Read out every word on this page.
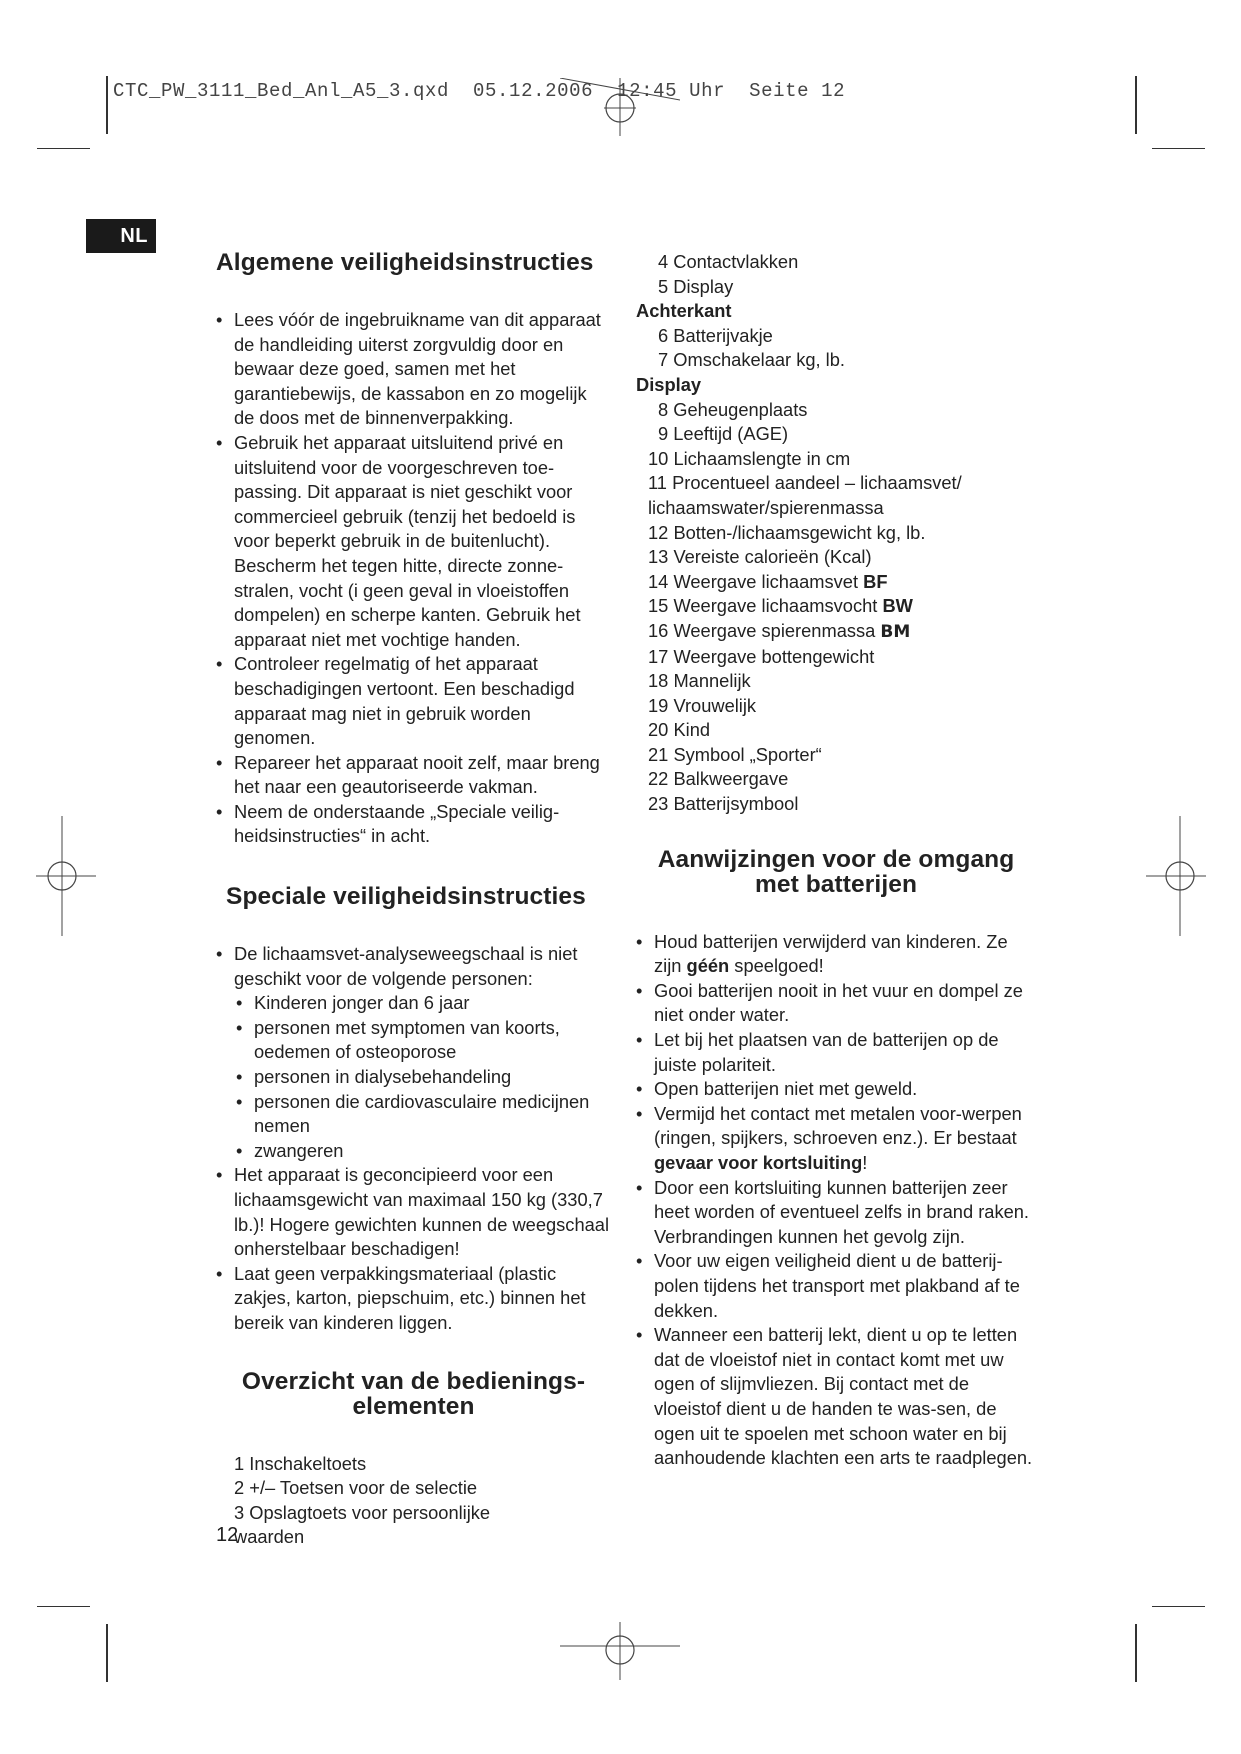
CTC_PW_3111_Bed_Anl_A5_3.qxd  05.12.2006  12:45 Uhr  Seite 12
NL
Algemene veiligheidsinstructies
• Lees vóór de ingebruikname van dit apparaat de handleiding uiterst zorgvuldig door en bewaar deze goed, samen met het garantiebewijs, de kassabon en zo mogelijk de doos met de binnenverpakking.
• Gebruik het apparaat uitsluitend privé en uitsluitend voor de voorgeschreven toe-passing. Dit apparaat is niet geschikt voor commercieel gebruik (tenzij het bedoeld is voor beperkt gebruik in de buitenlucht). Bescherm het tegen hitte, directe zonne-stralen, vocht (i geen geval in vloeistoffen dompelen) en scherpe kanten. Gebruik het apparaat niet met vochtige handen.
• Controleer regelmatig of het apparaat beschadigingen vertoont. Een beschadigd apparaat mag niet in gebruik worden genomen.
• Repareer het apparaat nooit zelf, maar breng het naar een geautoriseerde vakman.
• Neem de onderstaande „Speciale veilig-heidsinstructies“ in acht.
Speciale veiligheidsinstructies
• De lichaamsvet-analyseweegschaal is niet geschikt voor de volgende personen:
• Kinderen jonger dan 6 jaar
• personen met symptomen van koorts, oedemen of osteoporose
• personen in dialysebehandeling
• personen die cardiovasculaire medicijnen nemen
• zwangeren
• Het apparaat is geconcipieerd voor een lichaamsgewicht van maximaal 150 kg (330,7 lb.)! Hogere gewichten kunnen de weegschaal onherstelbaar beschadigen!
• Laat geen verpakkingsmateriaal (plastic zakjes, karton, piepschuim, etc.) binnen het bereik van kinderen liggen.
Overzicht van de bedienings-
elementen
1 Inschakeltoets
2 +/– Toetsen voor de selectie
3 Opslagtoets voor persoonlijke waarden
4 Contactvlakken
5 Display
Achterkant
6 Batterijvakje
7 Omschakelaar kg, lb.
Display
8 Geheugenplaats
9 Leeftijd (AGE)
10 Lichaamslengte in cm
11 Procentueel aandeel – lichaamsvet/ lichaamswater/spierenmassa
12 Botten-/lichaamsgewicht kg, lb.
13 Vereiste calorieën (Kcal)
14 Weergave lichaamsvet BF
15 Weergave lichaamsvocht BW
16 Weergave spierenmassa BM
17 Weergave bottengewicht
18 Mannelijk
19 Vrouwelijk
20 Kind
21 Symbool „Sporter“
22 Balkweergave
23 Batterijsymbool
Aanwijzingen voor de omgang
met batterijen
• Houd batterijen verwijderd van kinderen. Ze zijn géén speelgoed!
• Gooi batterijen nooit in het vuur en dompel ze niet onder water.
• Let bij het plaatsen van de batterijen op de juiste polariteit.
• Open batterijen niet met geweld.
• Vermijd het contact met metalen voor-werpen (ringen, spijkers, schroeven enz.). Er bestaat gevaar voor kortsluiting!
• Door een kortsluiting kunnen batterijen zeer heet worden of eventueel zelfs in brand raken. Verbrandingen kunnen het gevolg zijn.
• Voor uw eigen veiligheid dient u de batterij-polen tijdens het transport met plakband af te dekken.
• Wanneer een batterij lekt, dient u op te letten dat de vloeistof niet in contact komt met uw ogen of slijmvliezen. Bij contact met de vloeistof dient u de handen te was-sen, de ogen uit te spoelen met schoon water en bij aanhoudende klachten een arts te raadplegen.
12
